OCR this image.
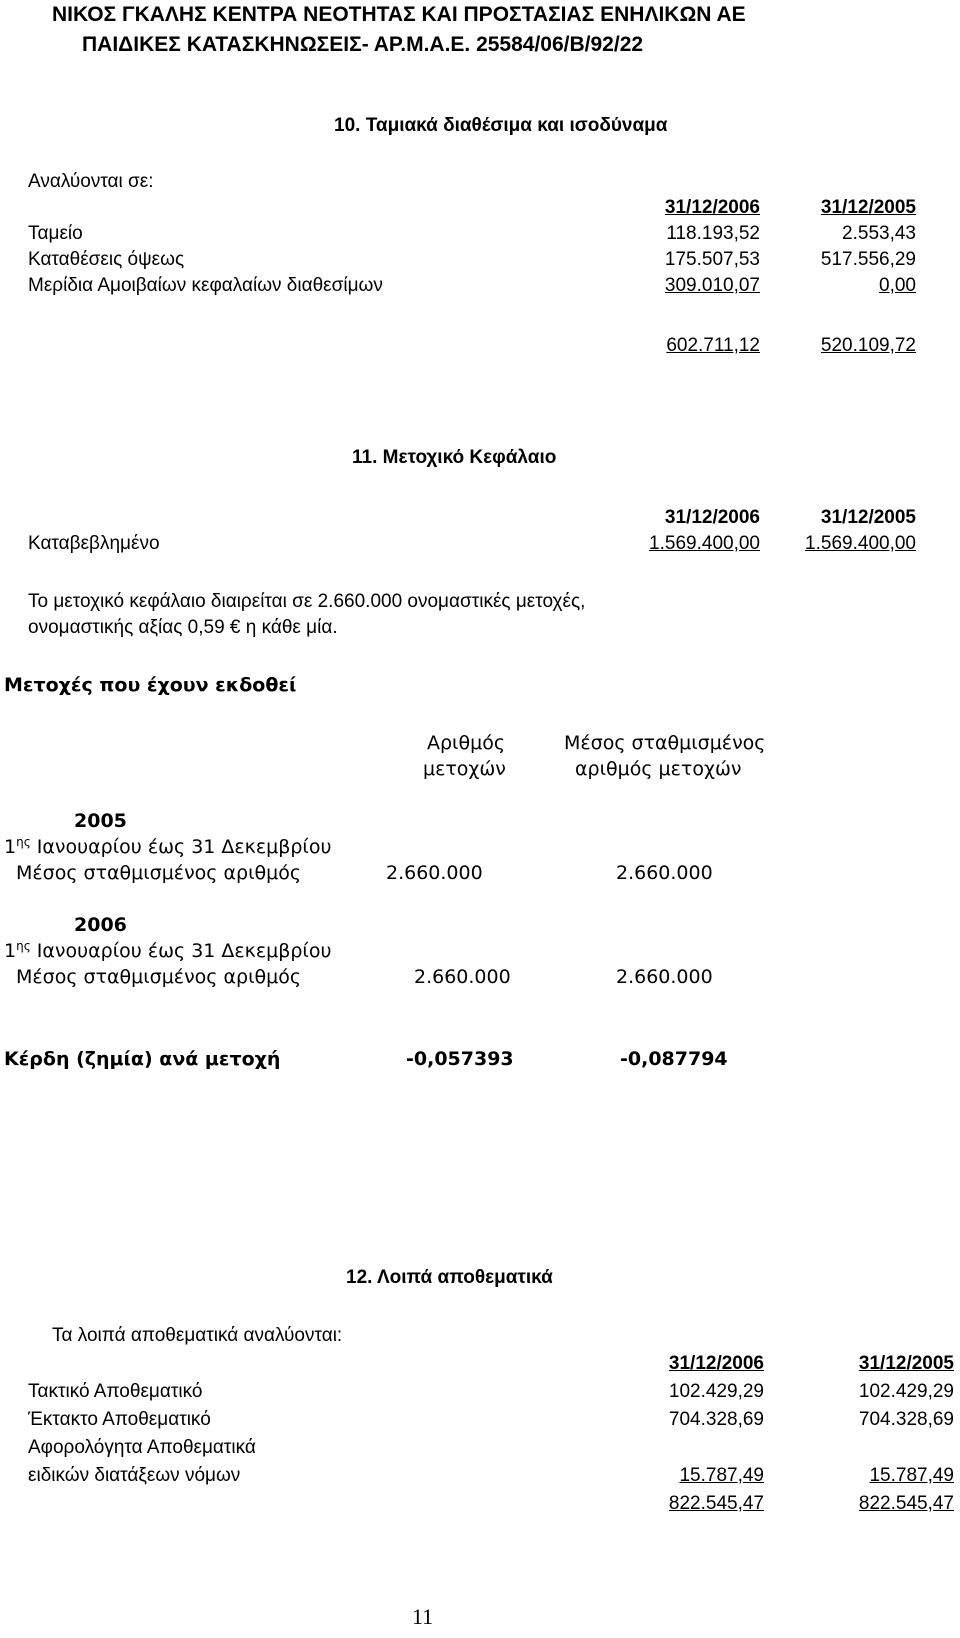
ΝΙΚΟΣ ΓΚΑΛΗΣ ΚΕΝΤΡΑ ΝΕΟΤΗΤΑΣ ΚΑΙ ΠΡΟΣΤΑΣΙΑΣ ΕΝΗΛΙΚΩΝ ΑΕ
ΠΑΙΔΙΚΕΣ ΚΑΤΑΣΚΗΝΩΣΕΙΣ- ΑΡ.Μ.Α.Ε. 25584/06/Β/92/22
10. Ταμιακά διαθέσιμα και ισοδύναμα
Αναλύονται σε:
31/12/2006	31/12/2005
Ταμείο	118.193,52	2.553,43
Καταθέσεις όψεως	175.507,53	517.556,29
Μερίδια Αμοιβαίων κεφαλαίων διαθεσίμων	309.010,07	0,00
602.711,12	520.109,72
11. Μετοχικό Κεφάλαιο
31/12/2006	31/12/2005
Καταβεβλημένο	1.569.400,00 1.569.400,00
Το μετοχικό κεφάλαιο διαιρείται σε 2.660.000 ονομαστικές μετοχές,
ονομαστικής αξίας 0,59 € η κάθε μία.
Μετοχές που έχουν εκδοθεί
Αριθμός
μετοχών
Μέσος σταθμισμένος
αριθμός μετοχών
2005
$1^{\eta\varsigma}$ Ιανουαρίου έως 31 Δεκεμβρίου
Μέσος σταθμισμένος αριθμός	2.660.000	2.660.000
2006
$1^{\eta\varsigma}$ Ιανουαρίου έως 31 Δεκεμβρίου
Μέσος σταθμισμένος αριθμός	2.660.000	2.660.000
Κέρδη (ζημία) ανά μετοχή	-0,057393	-0,087794
12. Λοιπά αποθεματικά
Τα λοιπά αποθεματικά αναλύονται:
31/12/2006	31/12/2005
Τακτικό Αποθεματικό	102.429,29	102.429,29
Έκτακτο Αποθεματικό	704.328,69	704.328,69
Αφορολόγητα Αποθεματικά
ειδικών διατάξεων νόμων	15.787,49	15.787,49
822.545,47	822.545,47
11
